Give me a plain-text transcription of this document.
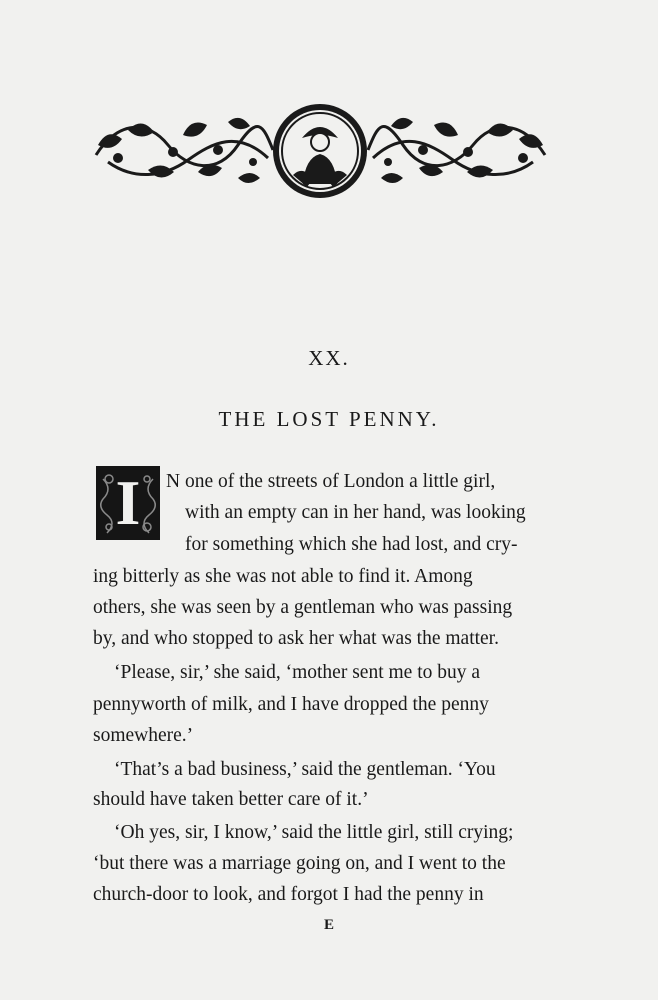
XX.
THE LOST PENNY.
I	N one of the streets of London a little girl,
with an empty can in her hand, was looking
for something which she had lost, and cry-
ing bitterly as she was not able to find it. Among
others, she was seen by a gentleman who was passing
by, and who stopped to ask her what was the matter.
‘Please, sir,’ she said, ‘mother sent me to buy a
pennyworth of milk, and I have dropped the penny
somewhere.’
‘That’s a bad business,’ said the gentleman. ‘You
should have taken better care of it.’
‘Oh yes, sir, I know,’ said the little girl, still crying;
‘but there was a marriage going on, and I went to the
church-door to look, and forgot I had the penny in
E
